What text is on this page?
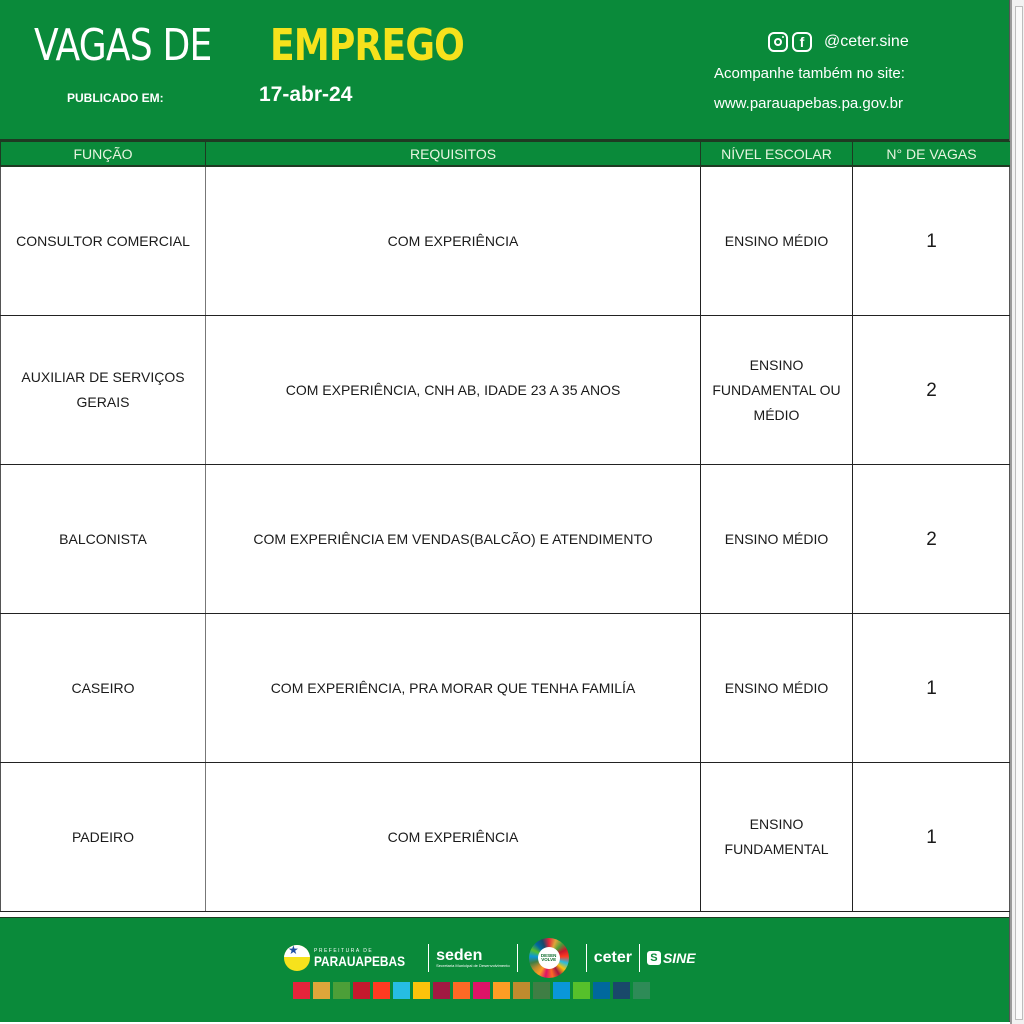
VAGAS DE EMPREGO
PUBLICADO EM:	17-abr-24
f	@ceter.sine
Acompanhe também no site:
www.parauapebas.pa.gov.br
FUNÇÃO	REQUISITOS	NÍVEL ESCOLAR	N° DE VAGAS
CONSULTOR COMERCIAL	COM EXPERIÊNCIA	ENSINO MÉDIO	1
AUXILIAR DE SERVIÇOS GERAIS	COM EXPERIÊNCIA, CNH AB, IDADE 23 A 35 ANOS	ENSINO FUNDAMENTAL OU MÉDIO	2
BALCONISTA	COM EXPERIÊNCIA EM VENDAS(BALCÃO) E ATENDIMENTO	ENSINO MÉDIO	2
CASEIRO	COM EXPERIÊNCIA, PRA MORAR QUE TENHA FAMILÍA	ENSINO MÉDIO	1
PADEIRO	COM EXPERIÊNCIA	ENSINO FUNDAMENTAL	1
★
PREFEITURA DE
PARAUAPEBAS seden
Secretaria Municipal de Desenvolvimento
DESEN VOLVE ceter	S SINE
